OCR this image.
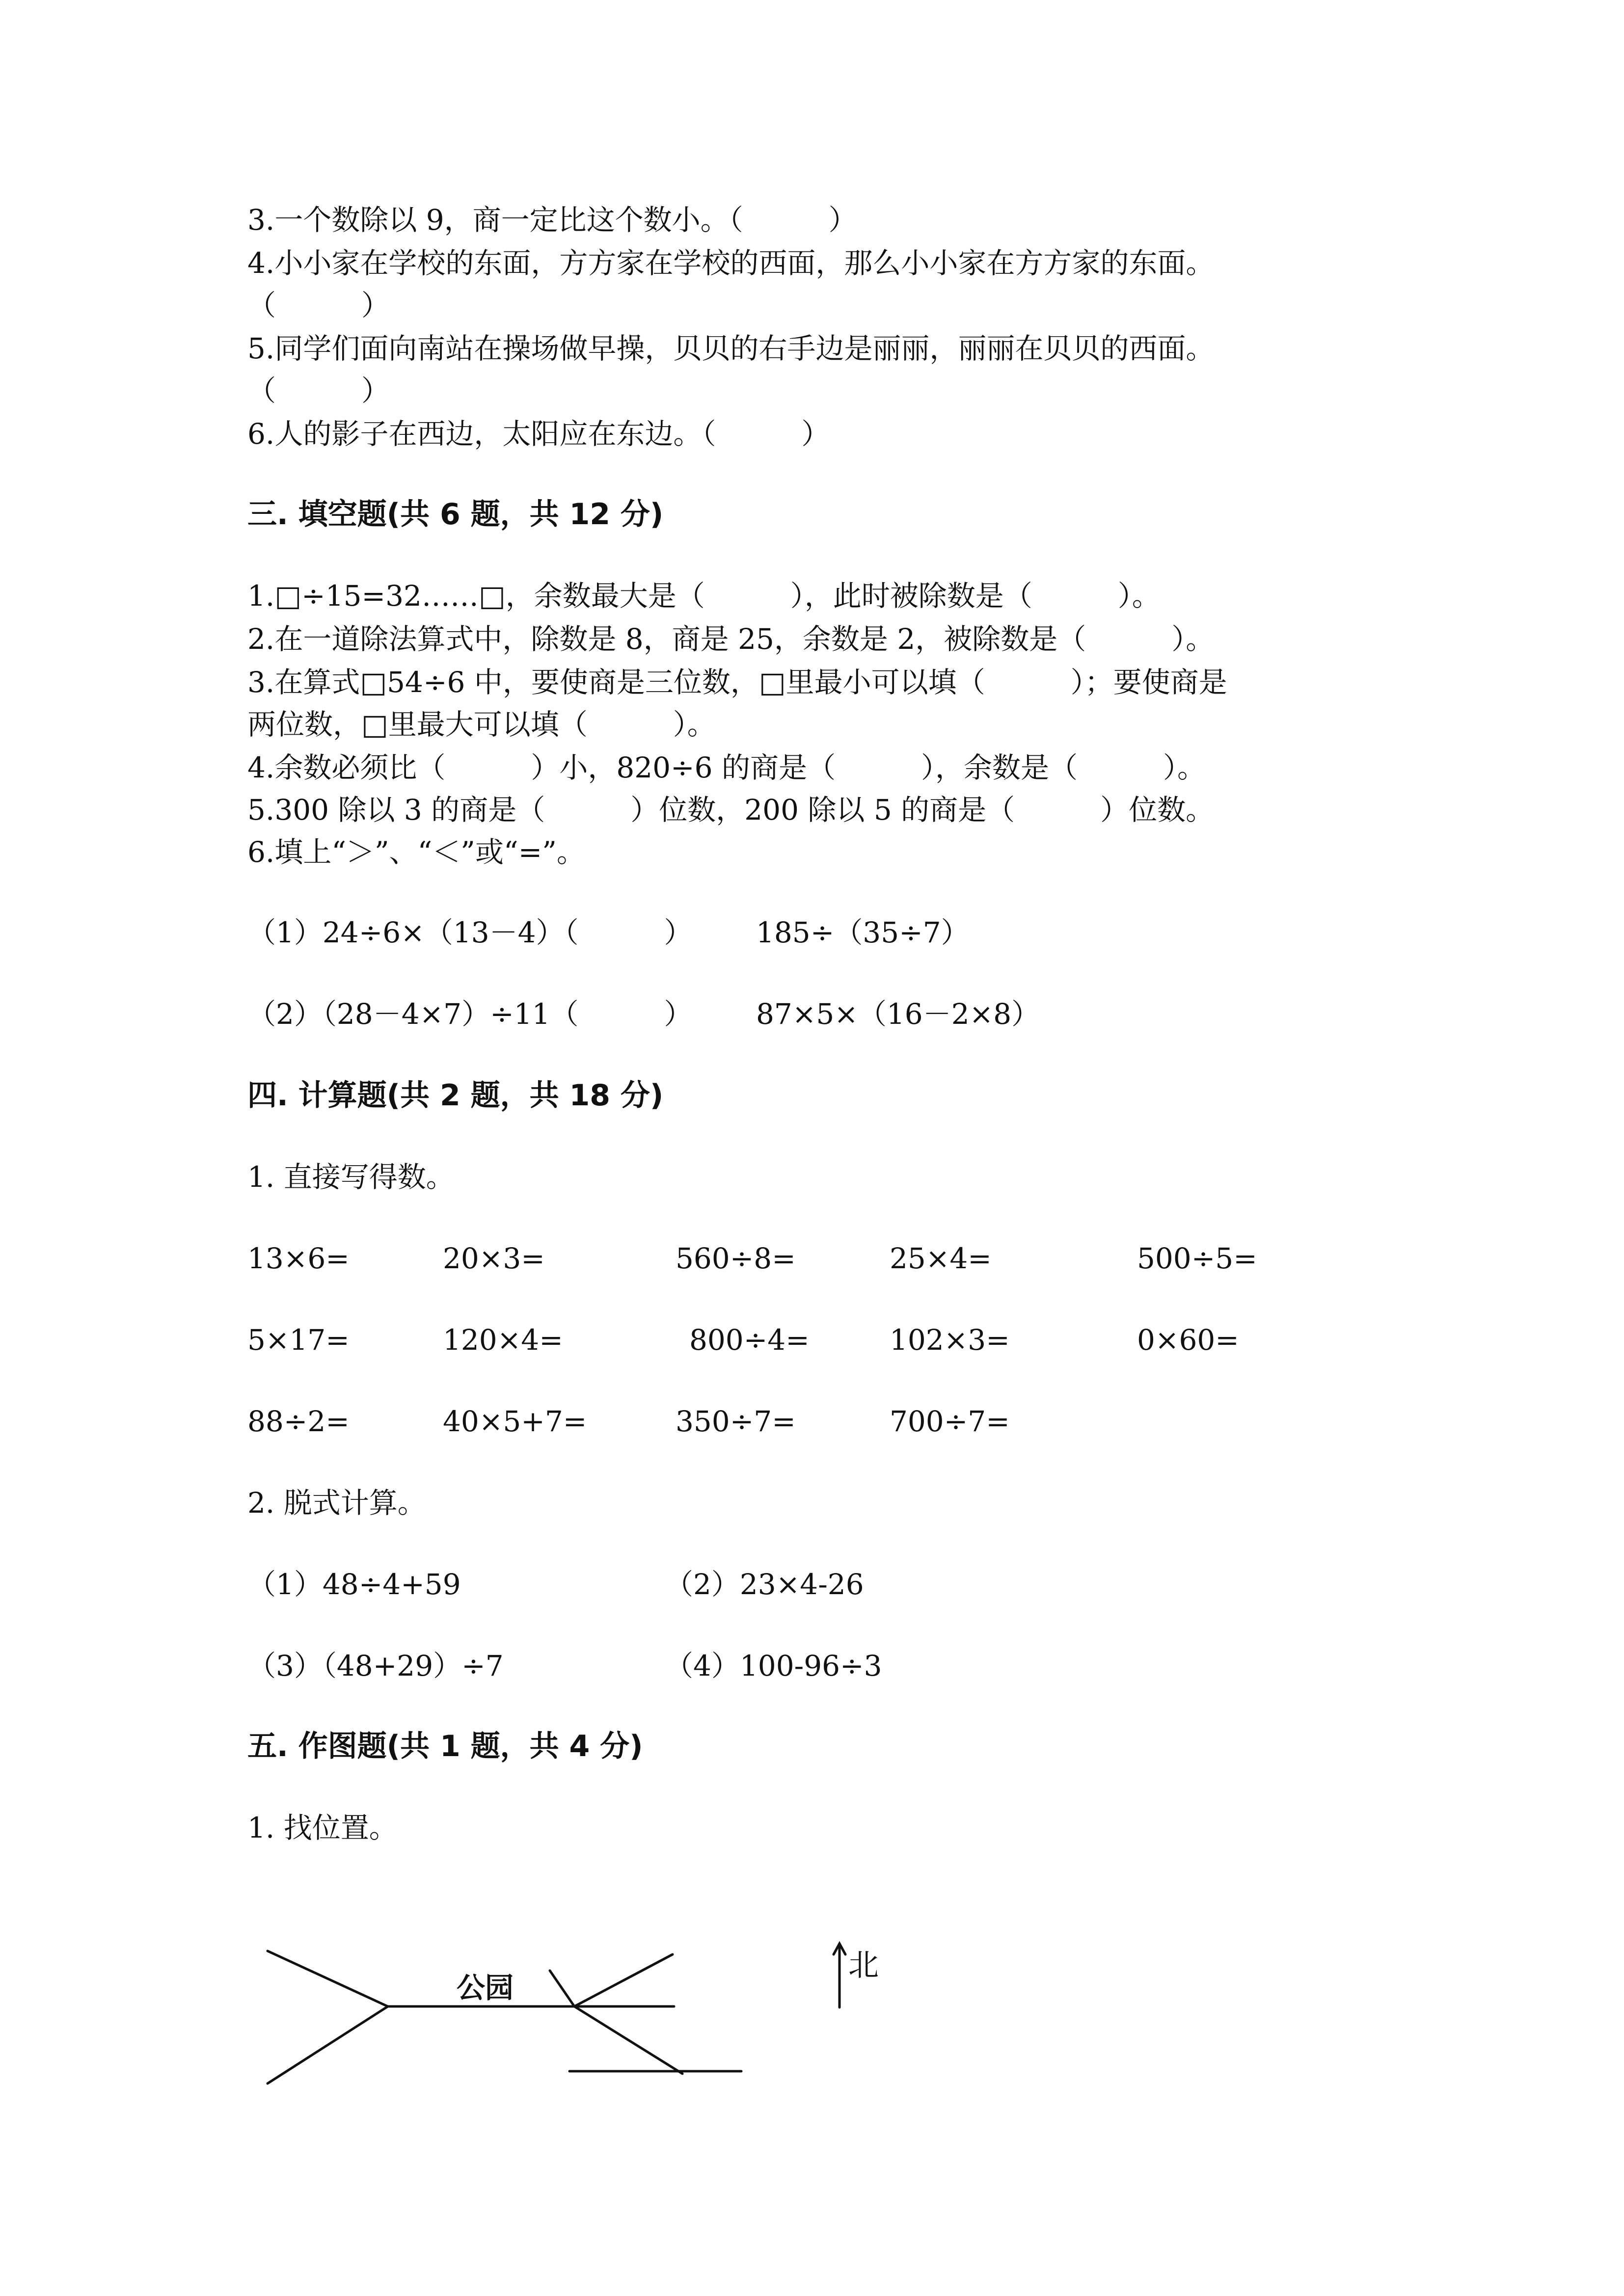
3.一个数除以 9，商一定比这个数小。（　　　）
4.小小家在学校的东面，方方家在学校的西面，那么小小家在方方家的东面。
（　　　）
5.同学们面向南站在操场做早操，贝贝的右手边是丽丽，丽丽在贝贝的西面。
（　　　）
6.人的影子在西边，太阳应在东边。（　　　）
三. 填空题(共 6 题，共 12 分)
1.□÷15=32……□，余数最大是（　　　），此时被除数是（　　　）。
2.在一道除法算式中，除数是 8，商是 25，余数是 2，被除数是（　　　）。
3.在算式□54÷6 中，要使商是三位数，□里最小可以填（　　　）；要使商是
两位数，□里最大可以填（　　　）。
4.余数必须比（　　　）小，820÷6 的商是（　　　），余数是（　　　）。
5.300 除以 3 的商是（　　　）位数，200 除以 5 的商是（　　　）位数。
6.填上“＞”、“＜”或“=”。
（1）24÷6×（13－4）（　　　） 185÷（35÷7）
（2）（28－4×7）÷11（　　　） 87×5×（16－2×8）
四. 计算题(共 2 题，共 18 分)
1. 直接写得数。
13×6=	20×3=	560÷8=	25×4=	500÷5=
5×17=	120×4=	800÷4=	102×3=	0×60=
88÷2=	40×5+7=	350÷7=	700÷7=
2. 脱式计算。
（1）48÷4+59	（2）23×4-26
（3）（48+29）÷7	（4）100-96÷3
五. 作图题(共 1 题，共 4 分)
1. 找位置。
公园
北
